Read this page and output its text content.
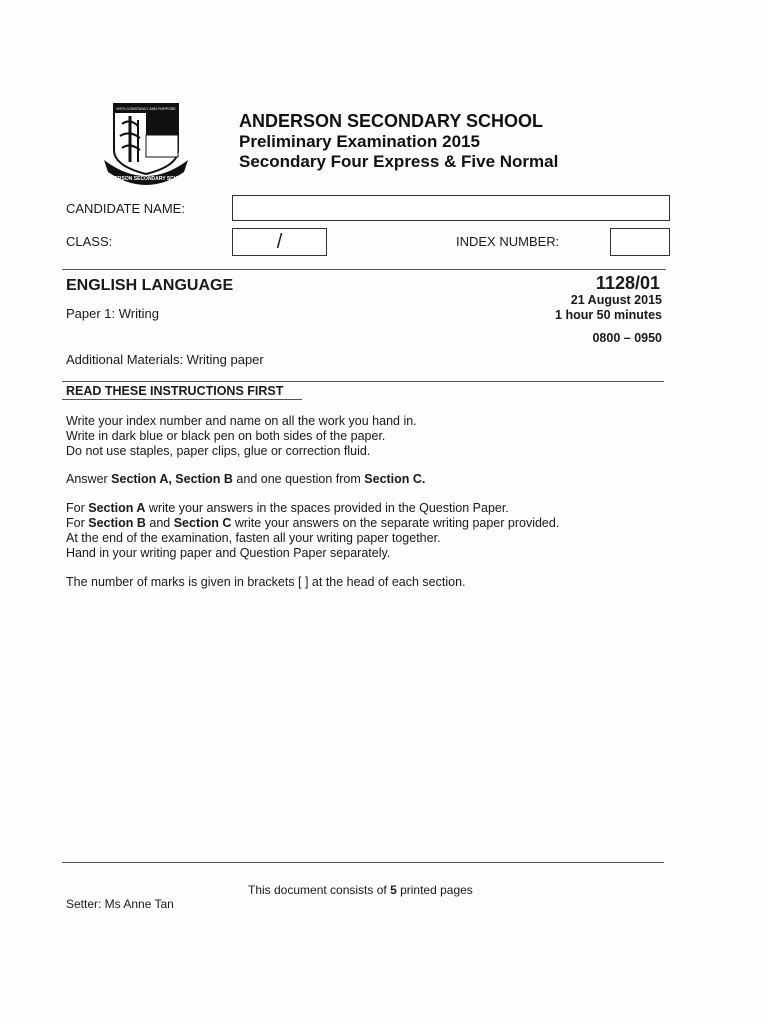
ANDERSON SECONDARY SCHOOL
WITH CONSTANCY AND PURPOSE
ANDERSON SECONDARY SCHOOL
Preliminary Examination 2015
Secondary Four Express & Five Normal
CANDIDATE NAME:
CLASS:	/	INDEX NUMBER:
ENGLISH LANGUAGE	1128/01
Paper 1: Writing
21 August 2015
1 hour 50 minutes
0800 – 0950
Additional Materials: Writing paper
READ THESE INSTRUCTIONS FIRST
Write your index number and name on all the work you hand in.
Write in dark blue or black pen on both sides of the paper.
Do not use staples, paper clips, glue or correction fluid.
Answer Section A, Section B and one question from Section C.
For Section A write your answers in the spaces provided in the Question Paper.
For Section B and Section C write your answers on the separate writing paper provided.
At the end of the examination, fasten all your writing paper together.
Hand in your writing paper and Question Paper separately.
The number of marks is given in brackets [ ] at the head of each section.
This document consists of 5 printed pages
Setter: Ms Anne Tan
